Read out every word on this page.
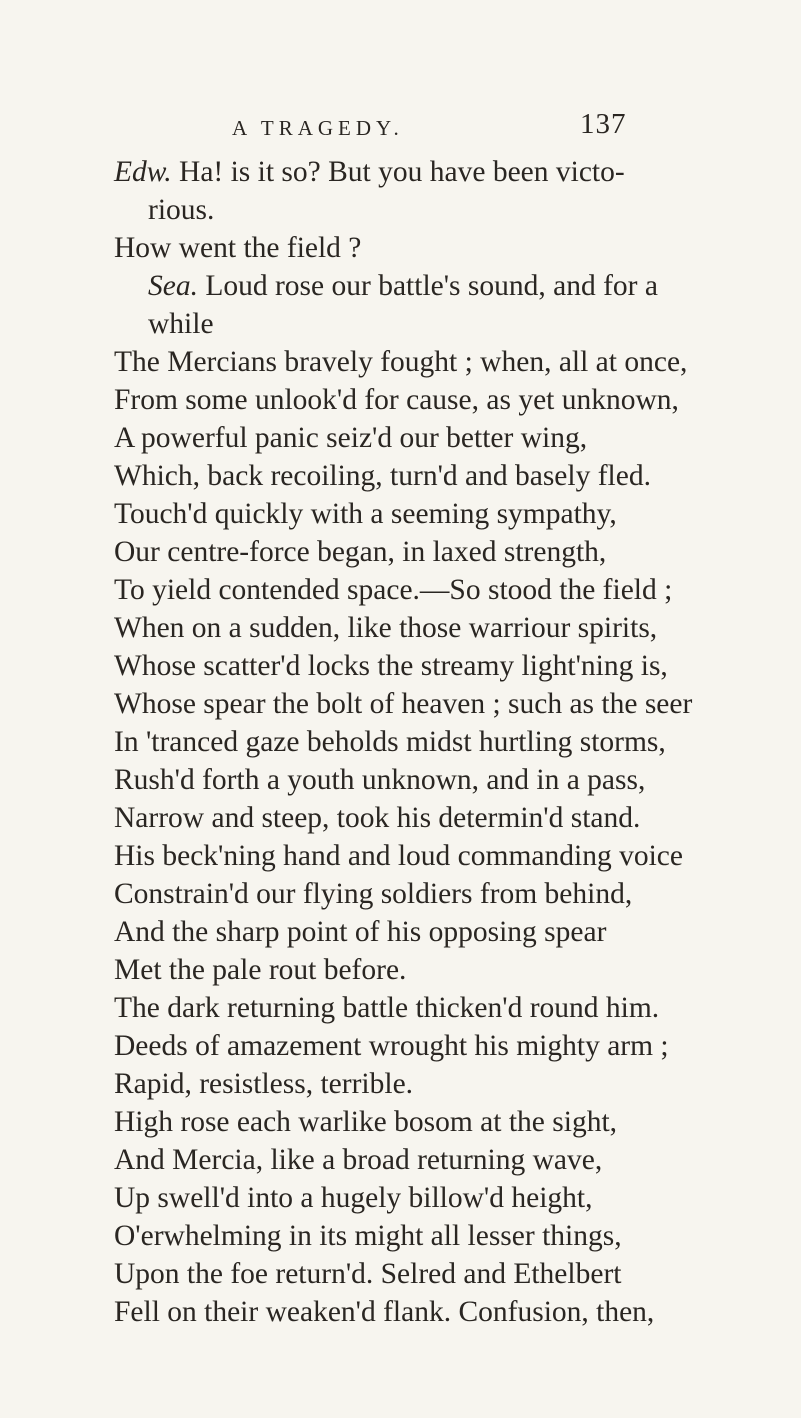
A TRAGEDY.	137
Edw. Ha! is it so? But you have been victo-
rious.
How went the field ?
Sea. Loud rose our battle's sound, and for a
while
The Mercians bravely fought ; when, all at once,
From some unlook'd for cause, as yet unknown,
A powerful panic seiz'd our better wing,
Which, back recoiling, turn'd and basely fled.
Touch'd quickly with a seeming sympathy,
Our centre-force began, in laxed strength,
To yield contended space.—So stood the field ;
When on a sudden, like those warriour spirits,
Whose scatter'd locks the streamy light'ning is,
Whose spear the bolt of heaven ; such as the seer
In 'tranced gaze beholds midst hurtling storms,
Rush'd forth a youth unknown, and in a pass,
Narrow and steep, took his determin'd stand.
His beck'ning hand and loud commanding voice
Constrain'd our flying soldiers from behind,
And the sharp point of his opposing spear
Met the pale rout before.
The dark returning battle thicken'd round him.
Deeds of amazement wrought his mighty arm ;
Rapid, resistless, terrible.
High rose each warlike bosom at the sight,
And Mercia, like a broad returning wave,
Up swell'd into a hugely billow'd height,
O'erwhelming in its might all lesser things,
Upon the foe return'd. Selred and Ethelbert
Fell on their weaken'd flank. Confusion, then,
